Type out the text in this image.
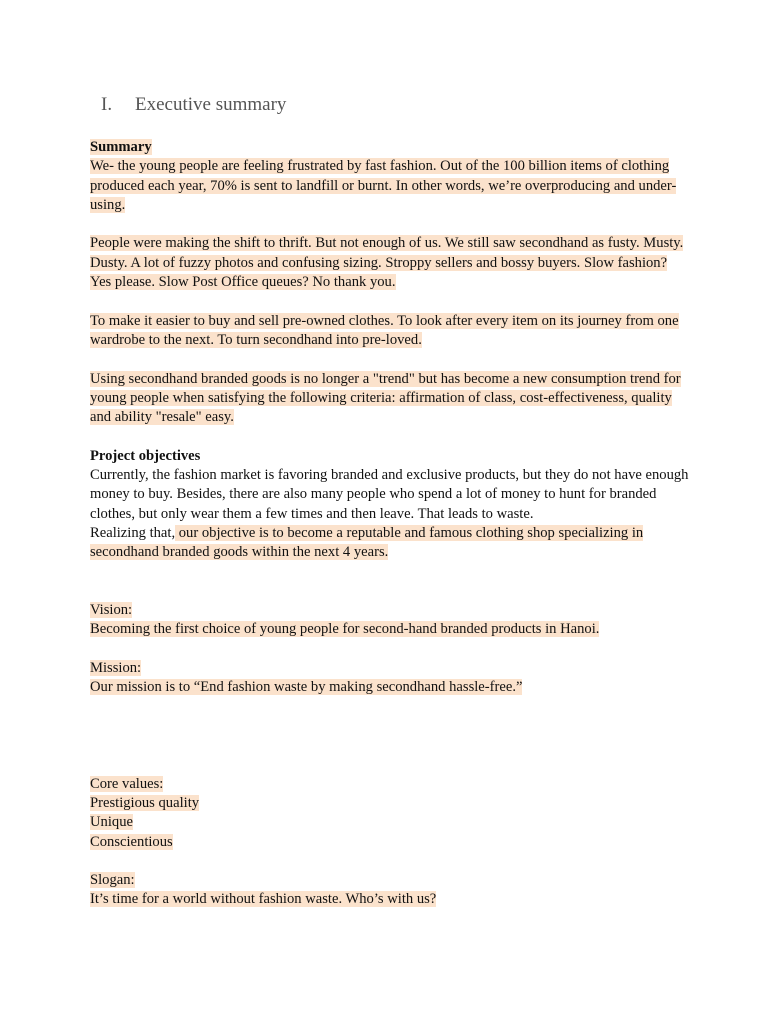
I. Executive summary

Summary

We- the young people are feeling frustrated by fast fashion. Out of the 100 billion items of clothing produced each year, 70% is sent to landfill or burnt. In other words, we’re overproducing and under-using.

People were making the shift to thrift. But not enough of us. We still saw secondhand as fusty. Musty. Dusty. A lot of fuzzy photos and confusing sizing. Stroppy sellers and bossy buyers. Slow fashion? Yes please. Slow Post Office queues? No thank you.

To make it easier to buy and sell pre-owned clothes. To look after every item on its journey from one wardrobe to the next. To turn secondhand into pre-loved.

Using secondhand branded goods is no longer a "trend" but has become a new consumption trend for young people when satisfying the following criteria: affirmation of class, cost-effectiveness, quality and ability "resale" easy.

Project objectives

Currently, the fashion market is favoring branded and exclusive products, but they do not have enough money to buy. Besides, there are also many people who spend a lot of money to hunt for branded clothes, but only wear them a few times and then leave. That leads to waste.

Realizing that, our objective is to become a reputable and famous clothing shop specializing in secondhand branded goods within the next 4 years.

Vision:

Becoming the first choice of young people for second-hand branded products in Hanoi.

Mission:

Our mission is to “End fashion waste by making secondhand hassle-free.”

Core values:

Prestigious quality

Unique

Conscientious

Slogan:

It’s time for a world without fashion waste. Who’s with us?
